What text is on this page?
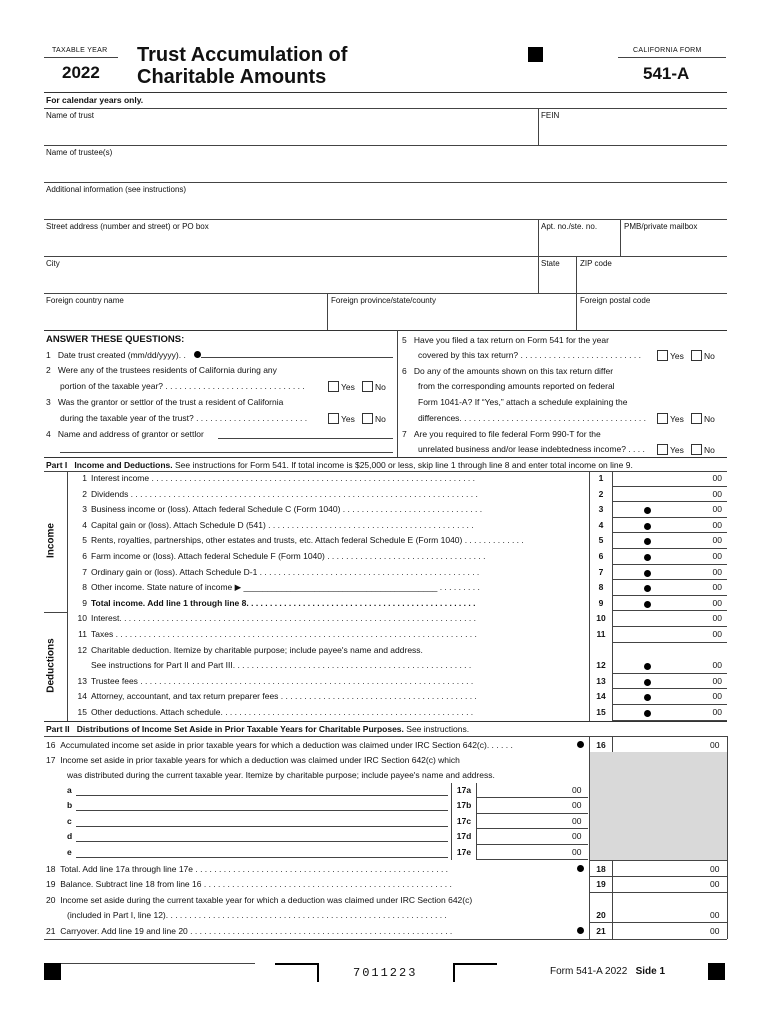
TAXABLE YEAR
2022
Trust Accumulation of
Charitable Amounts
CALIFORNIA FORM
541-A
For calendar years only.
Name of trust	FEIN
Name of trustee(s)
Additional information (see instructions)
Street address (number and street) or PO box	Apt. no./ste. no.	PMB/private mailbox
City	State	ZIP code
Foreign country name	Foreign province/state/county	Foreign postal code
ANSWER THESE QUESTIONS:
1 Date trust created (mm/dd/yyyy). .
2 Were any of the trustees residents of California during any
portion of the taxable year? . . . . . . . . . . . . . . . . . . . . . . . . . . . . . .	Yes No
3 Was the grantor or settlor of the trust a resident of California
during the taxable year of the trust? . . . . . . . . . . . . . . . . . . . . . . . .	Yes No
4 Name and address of grantor or settlor
5 Have you filed a tax return on Form 541 for the year
covered by this tax return? . . . . . . . . . . . . . . . . . . . . . . . . . .	Yes No
6 Do any of the amounts shown on this tax return differ
from the corresponding amounts reported on federal
Form 1041-A? If “Yes,” attach a schedule explaining the
differences. . . . . . . . . . . . . . . . . . . . . . . . . . . . . . . . . . . . . . . .	Yes No
7 Are you required to file federal Form 990-T for the
unrelated business and/or lease indebtedness income? . . . .	Yes No
Part I Income and Deductions. See instructions for Form 541. If total income is $25,000 or less, skip line 1 through line 8 and enter total income on line 9.
Income
Deductions
1 Interest income . . . . . . . . . . . . . . . . . . . . . . . . . . . . . . . . . . . . . . . . . . . . . . . . . . . . . . . . . . . . . . . . . . . . .	1	00
2 Dividends . . . . . . . . . . . . . . . . . . . . . . . . . . . . . . . . . . . . . . . . . . . . . . . . . . . . . . . . . . . . . . . . . . . . . . . . . .	2	00
3 Business income or (loss). Attach federal Schedule C (Form 1040) . . . . . . . . . . . . . . . . . . . . . . . . . . . . . .	3	00
4 Capital gain or (loss). Attach Schedule D (541) . . . . . . . . . . . . . . . . . . . . . . . . . . . . . . . . . . . . . . . . . . . .	4	00
5 Rents, royalties, partnerships, other estates and trusts, etc. Attach federal Schedule E (Form 1040) . . . . . . . . . . . . .	5	00
6 Farm income or (loss). Attach federal Schedule F (Form 1040) . . . . . . . . . . . . . . . . . . . . . . . . . . . . . . . . . .	6	00
7 Ordinary gain or (loss). Attach Schedule D-1 . . . . . . . . . . . . . . . . . . . . . . . . . . . . . . . . . . . . . . . . . . . . . . .	7	00
8 Other income. State nature of income ▶ _________________________________________ . . . . . . . . .	8	00
9 Total income. Add line 1 through line 8. . . . . . . . . . . . . . . . . . . . . . . . . . . . . . . . . . . . . . . . . . . . . . . . .	9	00
10 Interest. . . . . . . . . . . . . . . . . . . . . . . . . . . . . . . . . . . . . . . . . . . . . . . . . . . . . . . . . . . . . . . . . . . . . . . . . . . .	10	00
11 Taxes . . . . . . . . . . . . . . . . . . . . . . . . . . . . . . . . . . . . . . . . . . . . . . . . . . . . . . . . . . . . . . . . . . . . . . . . . . . . .	11	00
12 Charitable deduction. Itemize by charitable purpose; include payee's name and address.
See instructions for Part II and Part III. . . . . . . . . . . . . . . . . . . . . . . . . . . . . . . . . . . . . . . . . . . . . . . . . . .	12	00
13 Trustee fees . . . . . . . . . . . . . . . . . . . . . . . . . . . . . . . . . . . . . . . . . . . . . . . . . . . . . . . . . . . . . . . . . . . . . . .	13	00
14 Attorney, accountant, and tax return preparer fees . . . . . . . . . . . . . . . . . . . . . . . . . . . . . . . . . . . . . . . . . .	14	00
15 Other deductions. Attach schedule. . . . . . . . . . . . . . . . . . . . . . . . . . . . . . . . . . . . . . . . . . . . . . . . . . . . . .	15	00
Part II Distributions of Income Set Aside in Prior Taxable Years for Charitable Purposes. See instructions.
16 Accumulated income set aside in prior taxable years for which a deduction was claimed under IRC Section 642(c). . . . . .	16	00
17 Income set aside in prior taxable years for which a deduction was claimed under IRC Section 642(c) which
was distributed during the current taxable year. Itemize by charitable purpose; include payee's name and address.
a	17a	00
b	17b	00
c	17c	00
d	17d	00
e	17e	00
18 Total. Add line 17a through line 17e . . . . . . . . . . . . . . . . . . . . . . . . . . . . . . . . . . . . . . . . . . . . . . . . . . . . . .	18	00
19 Balance. Subtract line 18 from line 16 . . . . . . . . . . . . . . . . . . . . . . . . . . . . . . . . . . . . . . . . . . . . . . . . . . . . .	19	00
20 Income set aside during the current taxable year for which a deduction was claimed under IRC Section 642(c)
(included in Part I, line 12). . . . . . . . . . . . . . . . . . . . . . . . . . . . . . . . . . . . . . . . . . . . . . . . . . . . . . . . . . . .	20	00
21 Carryover. Add line 19 and line 20 . . . . . . . . . . . . . . . . . . . . . . . . . . . . . . . . . . . . . . . . . . . . . . . . . . . . . . . .	21	00
7011223	Form 541-A 2022 Side 1
